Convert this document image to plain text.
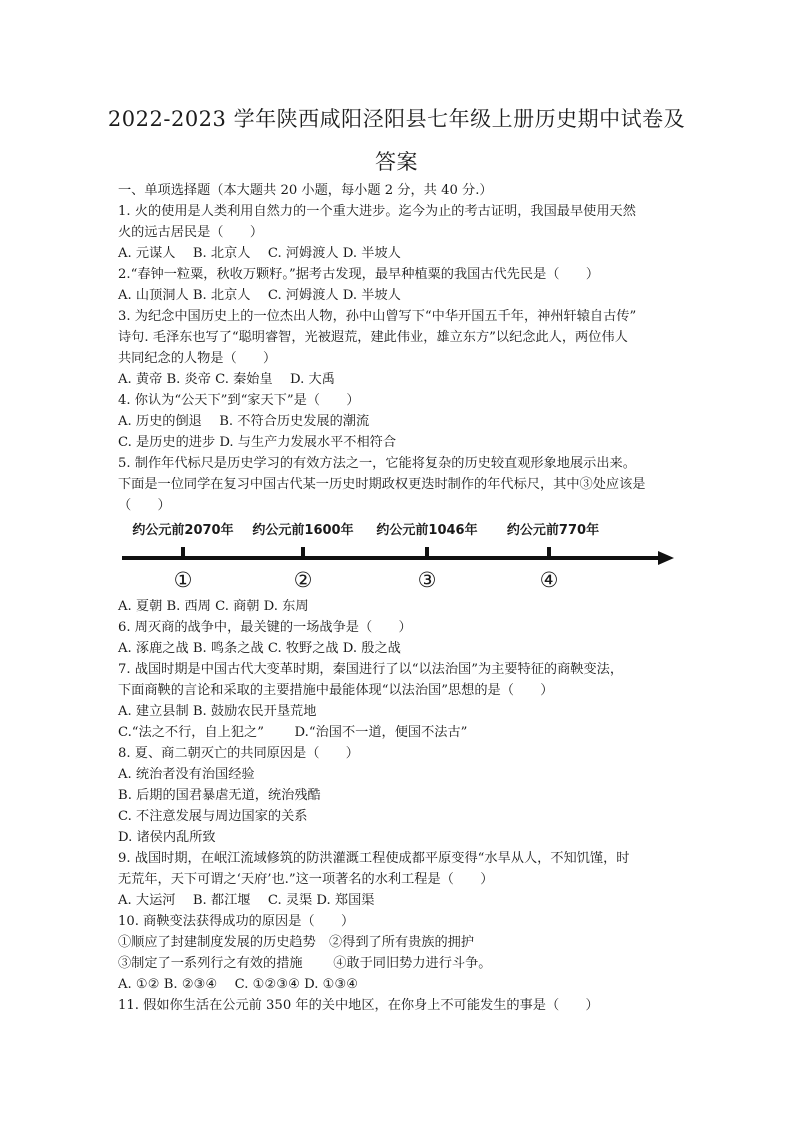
2022-2023 学年陕西咸阳泾阳县七年级上册历史期中试卷及
答案
一、单项选择题（本大题共 20 小题，每小题 2 分，共 40 分.）
1. 火的使用是人类利用自然力的一个重大进步。迄今为止的考古证明，我国最早使用天然
火的远古居民是（　　）
A. 元谋人　 B. 北京人　 C. 河姆渡人 D. 半坡人
2.“春钟一粒粟，秋收万颗籽。”据考古发现，最早种植粟的我国古代先民是（　　）
A. 山顶洞人 B. 北京人　 C. 河姆渡人 D. 半坡人
3. 为纪念中国历史上的一位杰出人物，孙中山曾写下“中华开国五千年，神州轩辕自古传”
诗句. 毛泽东也写了“聪明睿智，光被遐荒，建此伟业，雄立东方”以纪念此人，两位伟人
共同纪念的人物是（　　）
A. 黄帝 B. 炎帝 C. 秦始皇　 D. 大禹
4. 你认为“公天下”到“家天下”是（　　）
A. 历史的倒退　 B. 不符合历史发展的潮流
C. 是历史的进步 D. 与生产力发展水平不相符合
5. 制作年代标尺是历史学习的有效方法之一，它能将复杂的历史较直观形象地展示出来。
下面是一位同学在复习中国古代某一历史时期政权更迭时制作的年代标尺，其中③处应该是
（　　）
约公元前2070年 约公元前1600年 约公元前1046年 约公元前770年
①	②	③	④
A. 夏朝 B. 西周 C. 商朝 D. 东周
6. 周灭商的战争中，最关键的一场战争是（　　）
A. 涿鹿之战 B. 鸣条之战 C. 牧野之战 D. 殷之战
7. 战国时期是中国古代大变革时期，秦国进行了以“以法治国”为主要特征的商鞅变法，
下面商鞅的言论和采取的主要措施中最能体现“以法治国”思想的是（　　）
A. 建立县制 B. 鼓励农民开垦荒地
C.“法之不行，自上犯之”　　 D.“治国不一道，便国不法古”
8. 夏、商二朝灭亡的共同原因是（　　）
A. 统治者没有治国经验
B. 后期的国君暴虐无道，统治残酷
C. 不注意发展与周边国家的关系
D. 诸侯内乱所致
9. 战国时期，在岷江流域修筑的防洪灌溉工程使成都平原变得“水旱从人，不知饥馑，时
无荒年，天下可谓之‘天府’也.”这一项著名的水利工程是（　　）
A. 大运河　 B. 都江堰　 C. 灵渠 D. 郑国渠
10. 商鞅变法获得成功的原因是（　　）
①顺应了封建制度发展的历史趋势　②得到了所有贵族的拥护
③制定了一系列行之有效的措施　　 ④敢于同旧势力进行斗争。
A. ①② B. ②③④　 C. ①②③④ D. ①③④
11. 假如你生活在公元前 350 年的关中地区，在你身上不可能发生的事是（　　）
